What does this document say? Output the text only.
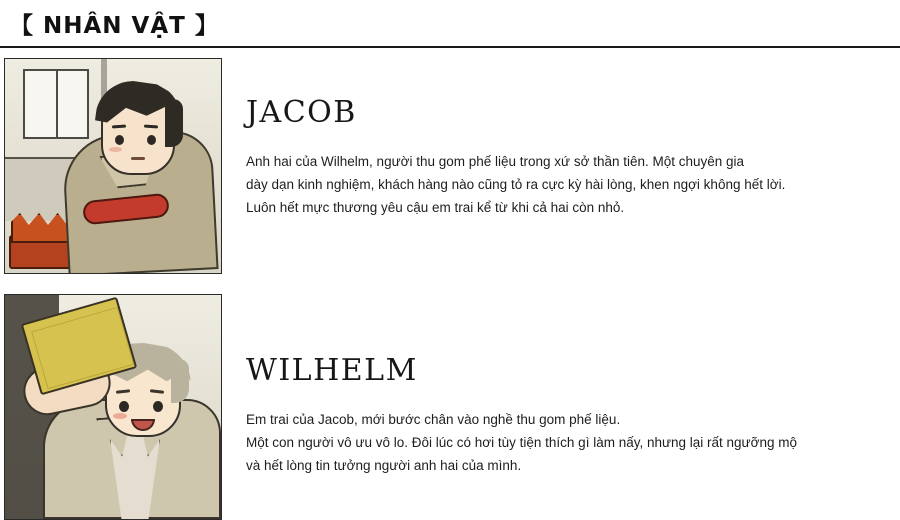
【 NHÂN VẬT 】
JACOB
Anh hai của Wilhelm, người thu gom phế liệu trong xứ sở thần tiên. Một chuyên gia
dày dạn kinh nghiệm, khách hàng nào cũng tỏ ra cực kỳ hài lòng, khen ngợi không hết lời.
Luôn hết mực thương yêu cậu em trai kể từ khi cả hai còn nhỏ.
WILHELM
Em trai của Jacob, mới bước chân vào nghề thu gom phế liệu.
Một con người vô ưu vô lo. Đôi lúc có hơi tùy tiện thích gì làm nấy, nhưng lại rất ngưỡng mộ
và hết lòng tin tưởng người anh hai của mình.
